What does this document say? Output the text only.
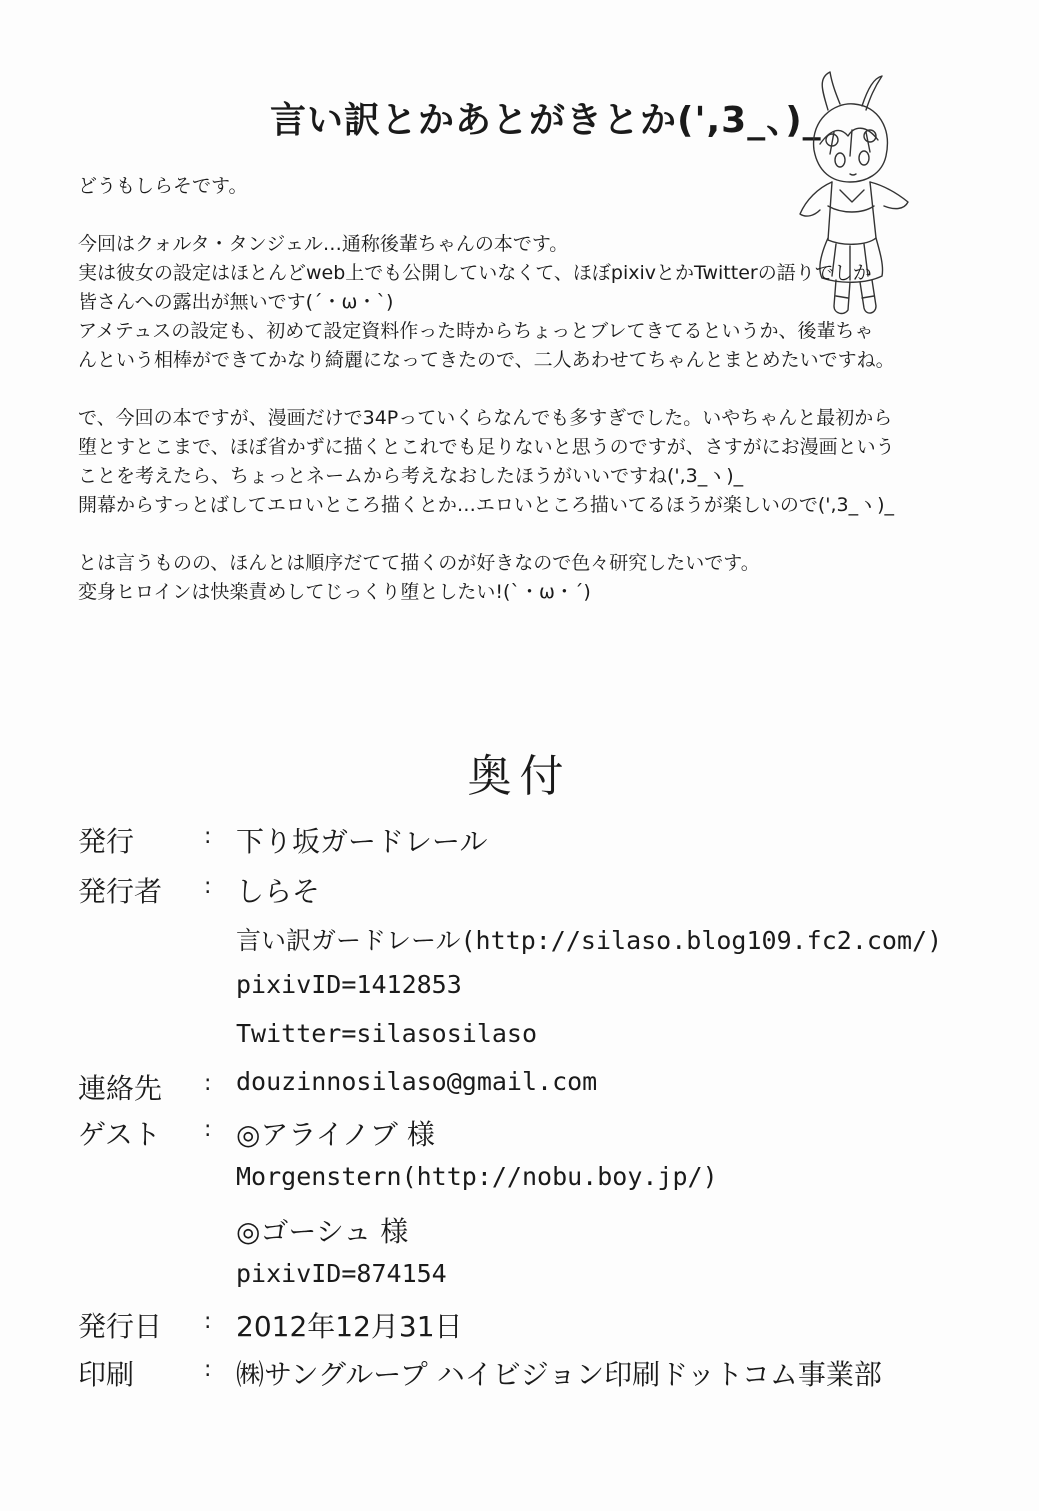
言い訳とかあとがきとか(',3_、)_
どうもしらそです。
今回はクォルタ・タンジェル…通称後輩ちゃんの本です。
実は彼女の設定はほとんどweb上でも公開していなくて、ほぼpixivとかTwitterの語りでしか
皆さんへの露出が無いです(´・ω・`)
アメテュスの設定も、初めて設定資料作った時からちょっとブレてきてるというか、後輩ちゃ
んという相棒ができてかなり綺麗になってきたので、二人あわせてちゃんとまとめたいですね。
で、今回の本ですが、漫画だけで34Pっていくらなんでも多すぎでした。いやちゃんと最初から
堕とすとこまで、ほぼ省かずに描くとこれでも足りないと思うのですが、さすがにお漫画という
ことを考えたら、ちょっとネームから考えなおしたほうがいいですね(',3_ヽ)_
開幕からすっとばしてエロいところ描くとか…エロいところ描いてるほうが楽しいので(',3_ヽ)_
とは言うものの、ほんとは順序だてて描くのが好きなので色々研究したいです。
変身ヒロインは快楽責めしてじっくり堕としたい!(`・ω・´)
奥付
発行	: 下り坂ガードレール
発行者	: しらそ
言い訳ガードレール(http://silaso.blog109.fc2.com/)
pixivID=1412853
Twitter=silasosilaso
連絡先	: douzinnosilaso@gmail.com
ゲスト	: ◎アライノブ 様
Morgenstern(http://nobu.boy.jp/)
◎ゴーシュ 様
pixivID=874154
発行日	: 2012年12月31日
印刷	: ㈱サングループ ハイビジョン印刷ドットコム事業部
